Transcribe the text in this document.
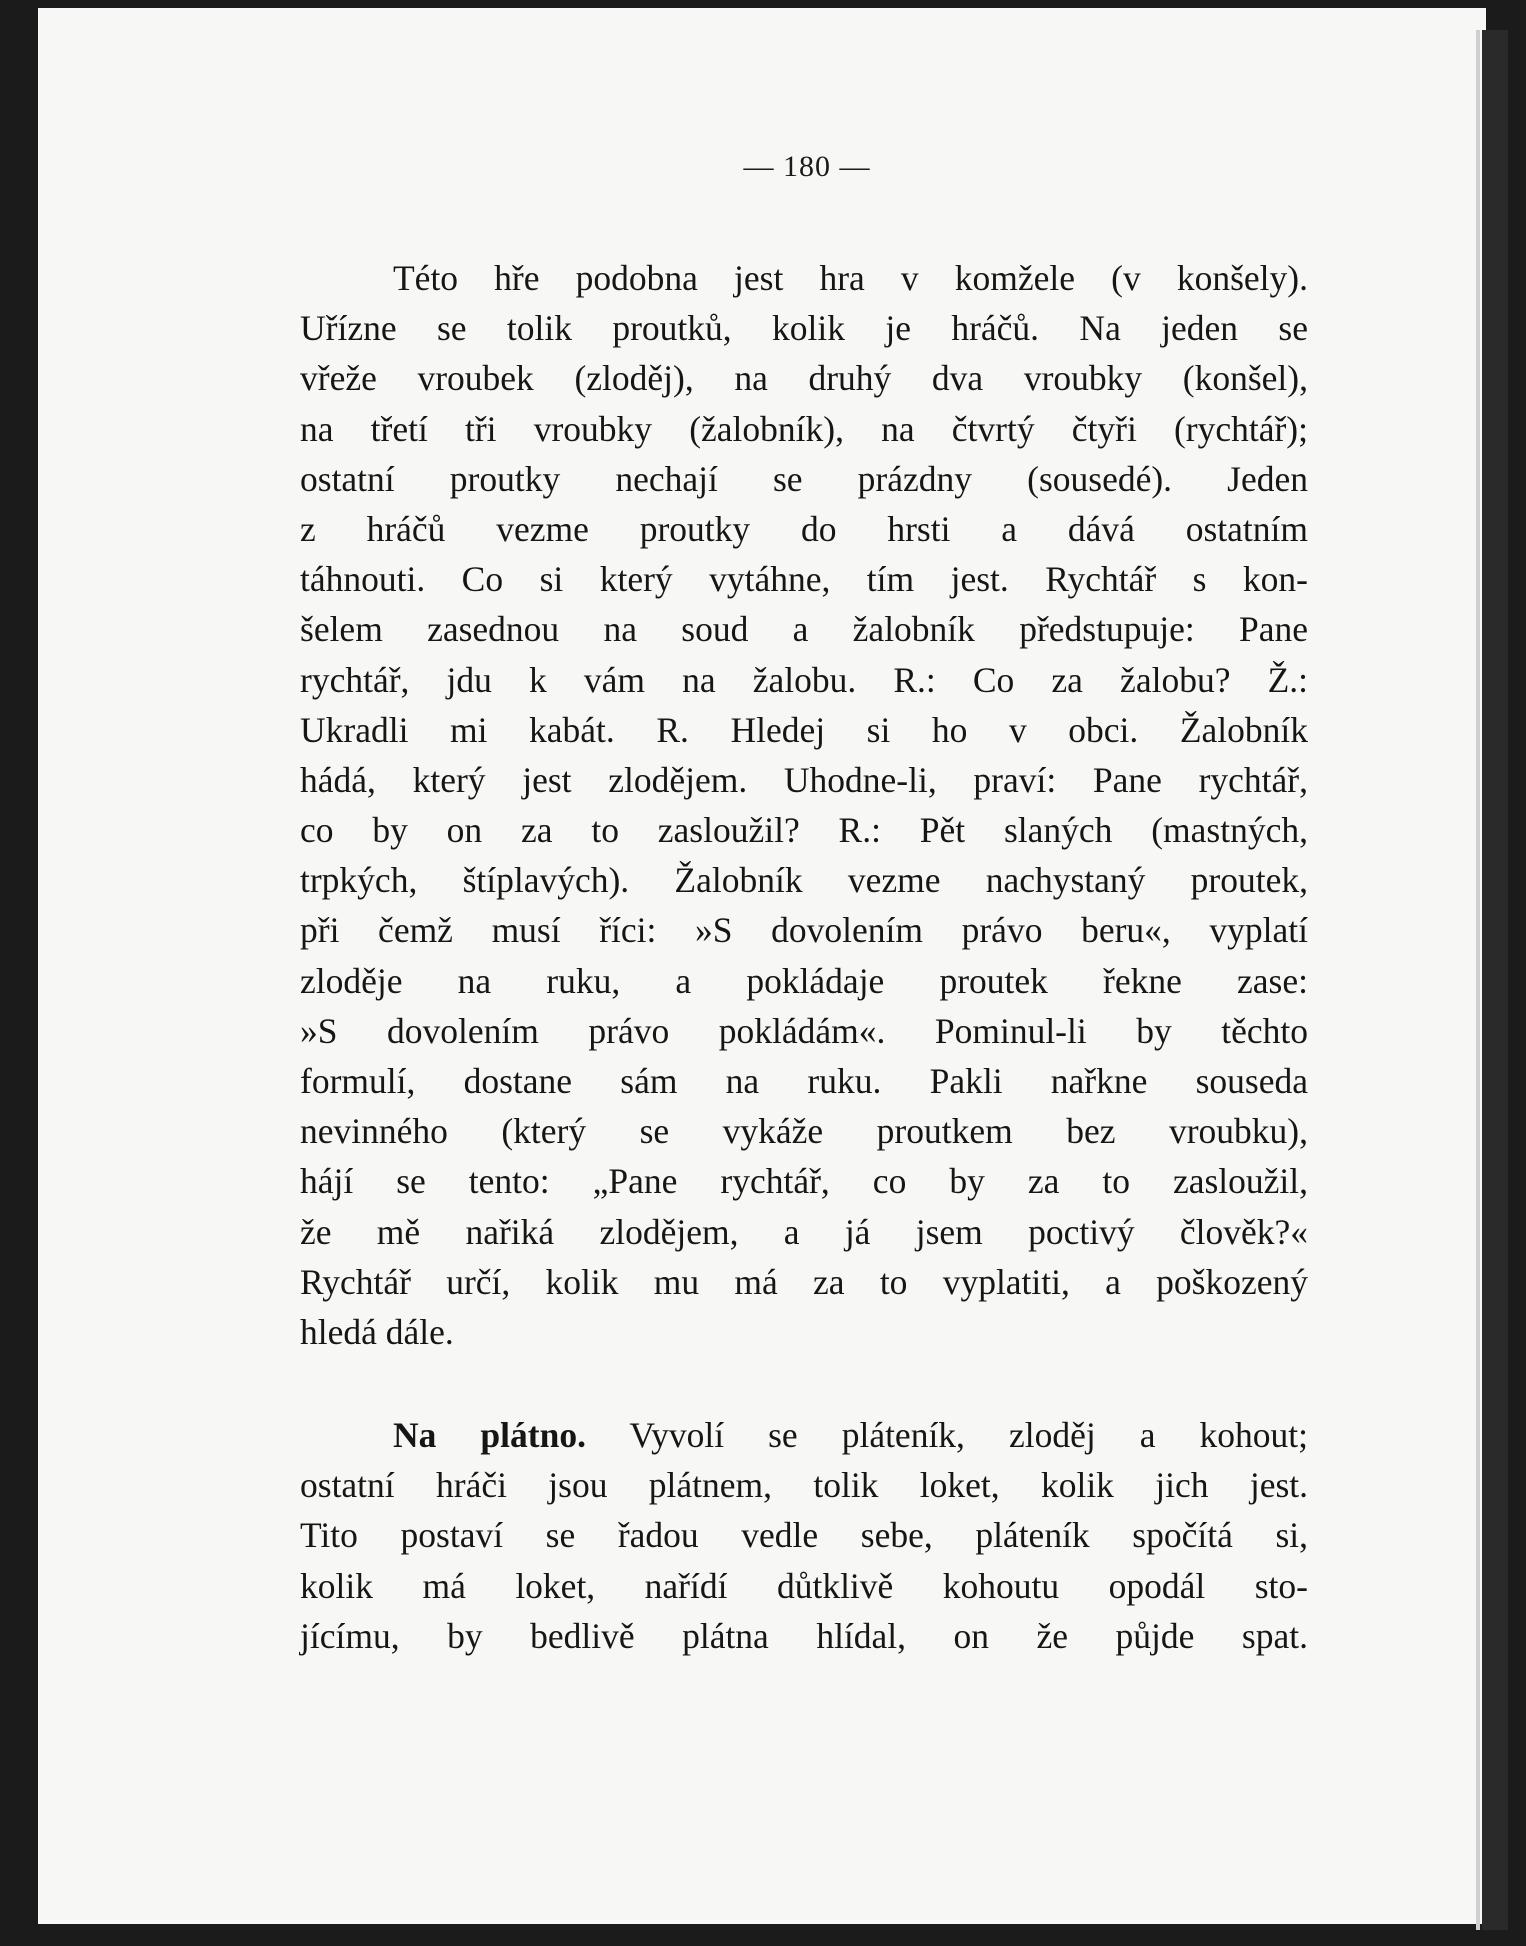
— 180 —
Této hře podobna jest hra v komžele (v konšely).
Uřízne se tolik proutků, kolik je hráčů. Na jeden se
vřeže vroubek (zloděj), na druhý dva vroubky (konšel),
na třetí tři vroubky (žalobník), na čtvrtý čtyři (rychtář);
ostatní proutky nechají se prázdny (sousedé). Jeden
z hráčů vezme proutky do hrsti a dává ostatním
táhnouti. Co si který vytáhne, tím jest. Rychtář s kon-
šelem zasednou na soud a žalobník předstupuje: Pane
rychtář, jdu k vám na žalobu. R.: Co za žalobu? Ž.:
Ukradli mi kabát. R. Hledej si ho v obci. Žalobník
hádá, který jest zlodějem. Uhodne-li, praví: Pane rychtář,
co by on za to zasloužil? R.: Pět slaných (mastných,
trpkých, štíplavých). Žalobník vezme nachystaný proutek,
při čemž musí říci: »S dovolením právo beru«, vyplatí
zloděje na ruku, a pokládaje proutek řekne zase:
»S dovolením právo pokládám«. Pominul-li by těchto
formulí, dostane sám na ruku. Pakli nařkne souseda
nevinného (který se vykáže proutkem bez vroubku),
hájí se tento: „Pane rychtář, co by za to zasloužil,
že mě nařiká zlodějem, a já jsem poctivý člověk?«
Rychtář určí, kolik mu má za to vyplatiti, a poškozený
hledá dále.
Na plátno. Vyvolí se pláteník, zloděj a kohout;
ostatní hráči jsou plátnem, tolik loket, kolik jich jest.
Tito postaví se řadou vedle sebe, pláteník spočítá si,
kolik má loket, nařídí důtklivě kohoutu opodál sto-
jícímu, by bedlivě plátna hlídal, on že půjde spat.
